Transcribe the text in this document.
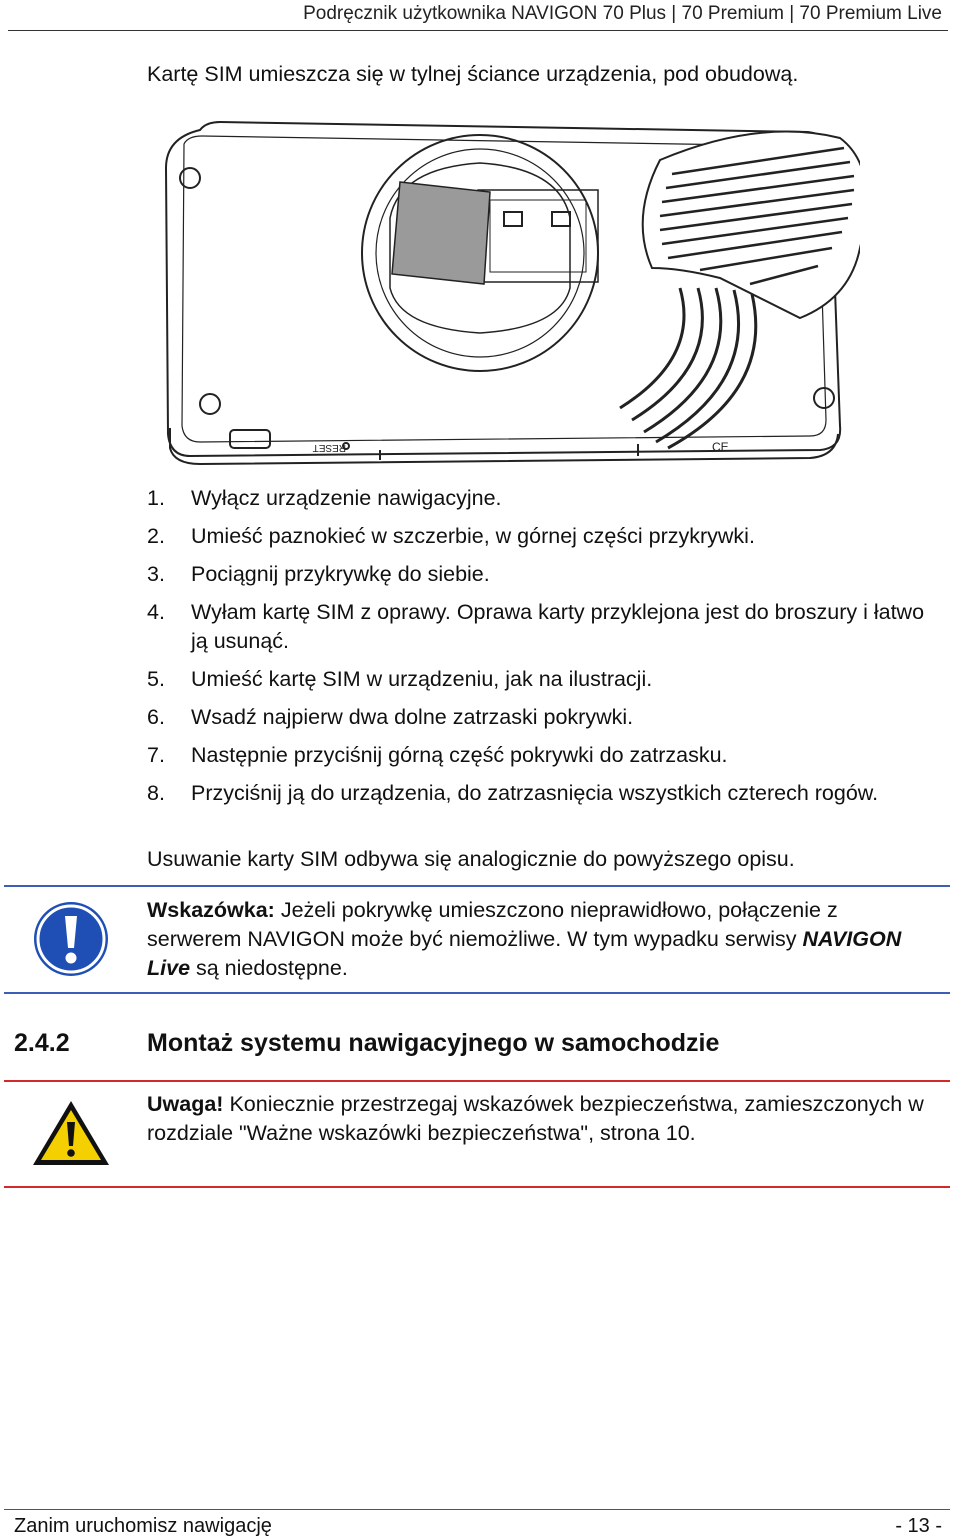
Podręcznik użytkownika NAVIGON 70 Plus | 70 Premium | 70 Premium Live
Kartę SIM umieszcza się w tylnej ściance urządzenia, pod obudową.
RESET	CE
1.	Wyłącz urządzenie nawigacyjne.
2.	Umieść paznokieć w szczerbie, w górnej części przykrywki.
3.	Pociągnij przykrywkę do siebie.
4.	Wyłam kartę SIM z oprawy. Oprawa karty przyklejona jest do broszury i łatwo ją usunąć.
5.	Umieść kartę SIM w urządzeniu, jak na ilustracji.
6.	Wsadź najpierw dwa dolne zatrzaski pokrywki.
7.	Następnie przyciśnij górną część pokrywki do zatrzasku.
8.	Przyciśnij ją do urządzenia, do zatrzasnięcia wszystkich czterech rogów.
Usuwanie karty SIM odbywa się analogicznie do powyższego opisu.
Wskazówka: Jeżeli pokrywkę umieszczono nieprawidłowo, połączenie z serwerem NAVIGON może być niemożliwe. W tym wypadku serwisy NAVIGON Live są niedostępne.
2.4.2	Montaż systemu nawigacyjnego w samochodzie
Uwaga! Koniecznie przestrzegaj wskazówek bezpieczeństwa, zamieszczonych w rozdziale "Ważne wskazówki bezpieczeństwa", strona 10.
Zanim uruchomisz nawigację	- 13 -
